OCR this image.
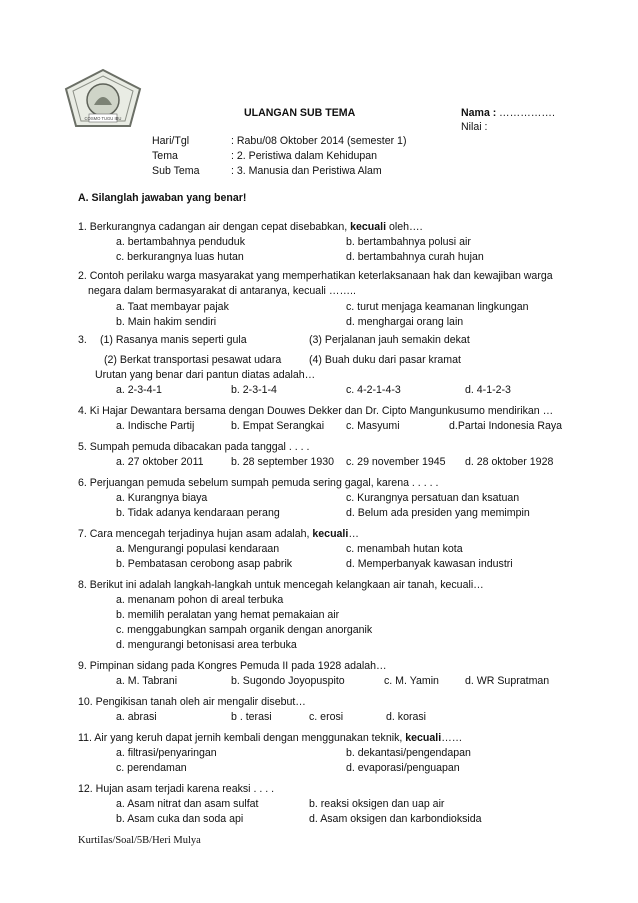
COSMO TUGU IBU	ULANGAN SUB TEMA	Nama : …………….
Nilai :
Hari/Tgl	: Rabu/08 Oktober 2014 (semester 1)
Tema	: 2. Peristiwa dalam Kehidupan
Sub Tema	: 3. Manusia dan Peristiwa Alam
A. Silanglah jawaban yang benar!
1. Berkurangnya cadangan air dengan cepat disebabkan, kecuali oleh….
a. bertambahnya penduduk	b. bertambahnya polusi air
c. berkurangnya luas hutan	d. bertambahnya curah hujan
2. Contoh perilaku warga masyarakat yang memperhatikan keterlaksanaan hak dan kewajiban warga
negara dalam bermasyarakat di antaranya, kecuali ……..
a. Taat membayar pajak	c. turut menjaga keamanan lingkungan
b. Main hakim sendiri	d. menghargai orang lain
3. (1) Rasanya manis seperti gula	(3) Perjalanan jauh semakin dekat
(2) Berkat transportasi pesawat udara	(4) Buah duku dari pasar kramat
Urutan yang benar dari pantun diatas adalah…
a. 2-3-4-1	b. 2-3-1-4	c. 4-2-1-4-3	d. 4-1-2-3
4. Ki Hajar Dewantara bersama dengan Douwes Dekker dan Dr. Cipto Mangunkusumo mendirikan …
a. Indische Partij	b. Empat Serangkai c. Masyumi	d.Partai Indonesia Raya
5. Sumpah pemuda dibacakan pada tanggal . . . .
a. 27 oktober 2011	b. 28 september 1930 c. 29 november 1945 d. 28 oktober 1928
6. Perjuangan pemuda sebelum sumpah pemuda sering gagal, karena . . . . .
a. Kurangnya biaya	c. Kurangnya persatuan dan ksatuan
b. Tidak adanya kendaraan perang	d. Belum ada presiden yang memimpin
7. Cara mencegah terjadinya hujan asam adalah, kecuali…
a. Mengurangi populasi kendaraan	c. menambah hutan kota
b. Pembatasan cerobong asap pabrik	d. Memperbanyak kawasan industri
8. Berikut ini adalah langkah-langkah untuk mencegah kelangkaan air tanah, kecuali…
a. menanam pohon di areal terbuka
b. memilih peralatan yang hemat pemakaian air
c. menggabungkan sampah organik dengan anorganik
d. mengurangi betonisasi area terbuka
9. Pimpinan sidang pada Kongres Pemuda II pada 1928 adalah…
a. M. Tabrani	b. Sugondo Joyopuspito	c. M. Yamin d. WR Supratman
10. Pengikisan tanah oleh air mengalir disebut…
a. abrasi	b . terasi	c. erosi	d. korasi
11. Air yang keruh dapat jernih kembali dengan menggunakan teknik, kecuali……
a. filtrasi/penyaringan	b. dekantasi/pengendapan
c. perendaman	d. evaporasi/penguapan
12. Hujan asam terjadi karena reaksi . . . .
a. Asam nitrat dan asam sulfat	b. reaksi oksigen dan uap air
b. Asam cuka dan soda api	d. Asam oksigen dan karbondioksida
KurtiIas/Soal/5B/Heri Mulya
